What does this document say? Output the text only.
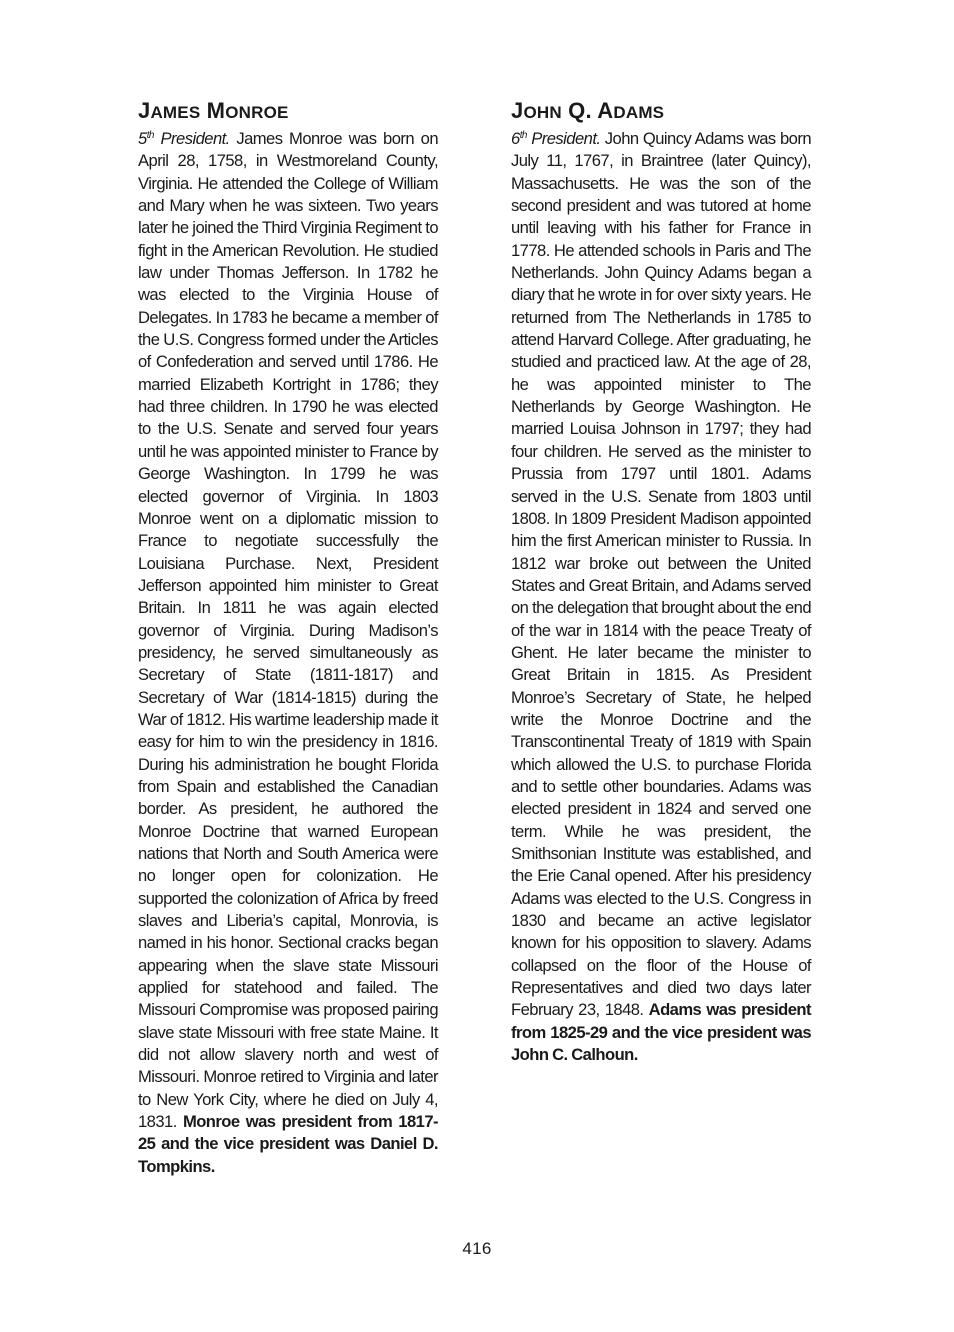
JAMES MONROE
5th President. James Monroe was born on April 28, 1758, in Westmoreland County, Virginia. He attended the College of William and Mary when he was sixteen. Two years later he joined the Third Virginia Regiment to fight in the American Revolution. He studied law under Thomas Jefferson. In 1782 he was elected to the Virginia House of Delegates. In 1783 he became a member of the U.S. Congress formed under the Articles of Confederation and served until 1786. He married Elizabeth Kortright in 1786; they had three children. In 1790 he was elected to the U.S. Senate and served four years until he was appointed minister to France by George Washington. In 1799 he was elected governor of Virginia. In 1803 Monroe went on a diplomatic mission to France to negotiate successfully the Louisiana Purchase. Next, President Jefferson appointed him minister to Great Britain. In 1811 he was again elected governor of Virginia. During Madison’s presidency, he served simultaneously as Secretary of State (1811-1817) and Secretary of War (1814-1815) during the War of 1812. His wartime leadership made it easy for him to win the presidency in 1816. During his administration he bought Florida from Spain and established the Canadian border. As president, he authored the Monroe Doctrine that warned European nations that North and South America were no longer open for colonization. He supported the colonization of Africa by freed slaves and Liberia’s capital, Monrovia, is named in his honor. Sectional cracks began appearing when the slave state Missouri applied for statehood and failed. The Missouri Compromise was proposed pairing slave state Missouri with free state Maine. It did not allow slavery north and west of Missouri. Monroe retired to Virginia and later to New York City, where he died on July 4, 1831. Monroe was president from 1817-25 and the vice president was Daniel D. Tompkins.
JOHN Q. ADAMS
6th President. John Quincy Adams was born July 11, 1767, in Braintree (later Quincy), Massachusetts. He was the son of the second president and was tutored at home until leaving with his father for France in 1778. He attended schools in Paris and The Netherlands. John Quincy Adams began a diary that he wrote in for over sixty years. He returned from The Netherlands in 1785 to attend Harvard College. After graduating, he studied and practiced law. At the age of 28, he was appointed minister to The Netherlands by George Washington. He married Louisa Johnson in 1797; they had four children. He served as the minister to Prussia from 1797 until 1801. Adams served in the U.S. Senate from 1803 until 1808. In 1809 President Madison appointed him the first American minister to Russia. In 1812 war broke out between the United States and Great Britain, and Adams served on the delegation that brought about the end of the war in 1814 with the peace Treaty of Ghent. He later became the minister to Great Britain in 1815. As President Monroe’s Secretary of State, he helped write the Monroe Doctrine and the Transcontinental Treaty of 1819 with Spain which allowed the U.S. to purchase Florida and to settle other boundaries. Adams was elected president in 1824 and served one term. While he was president, the Smithsonian Institute was established, and the Erie Canal opened. After his presidency Adams was elected to the U.S. Congress in 1830 and became an active legislator known for his opposition to slavery. Adams collapsed on the floor of the House of Representatives and died two days later February 23, 1848. Adams was president from 1825-29 and the vice president was John C. Calhoun.
416
